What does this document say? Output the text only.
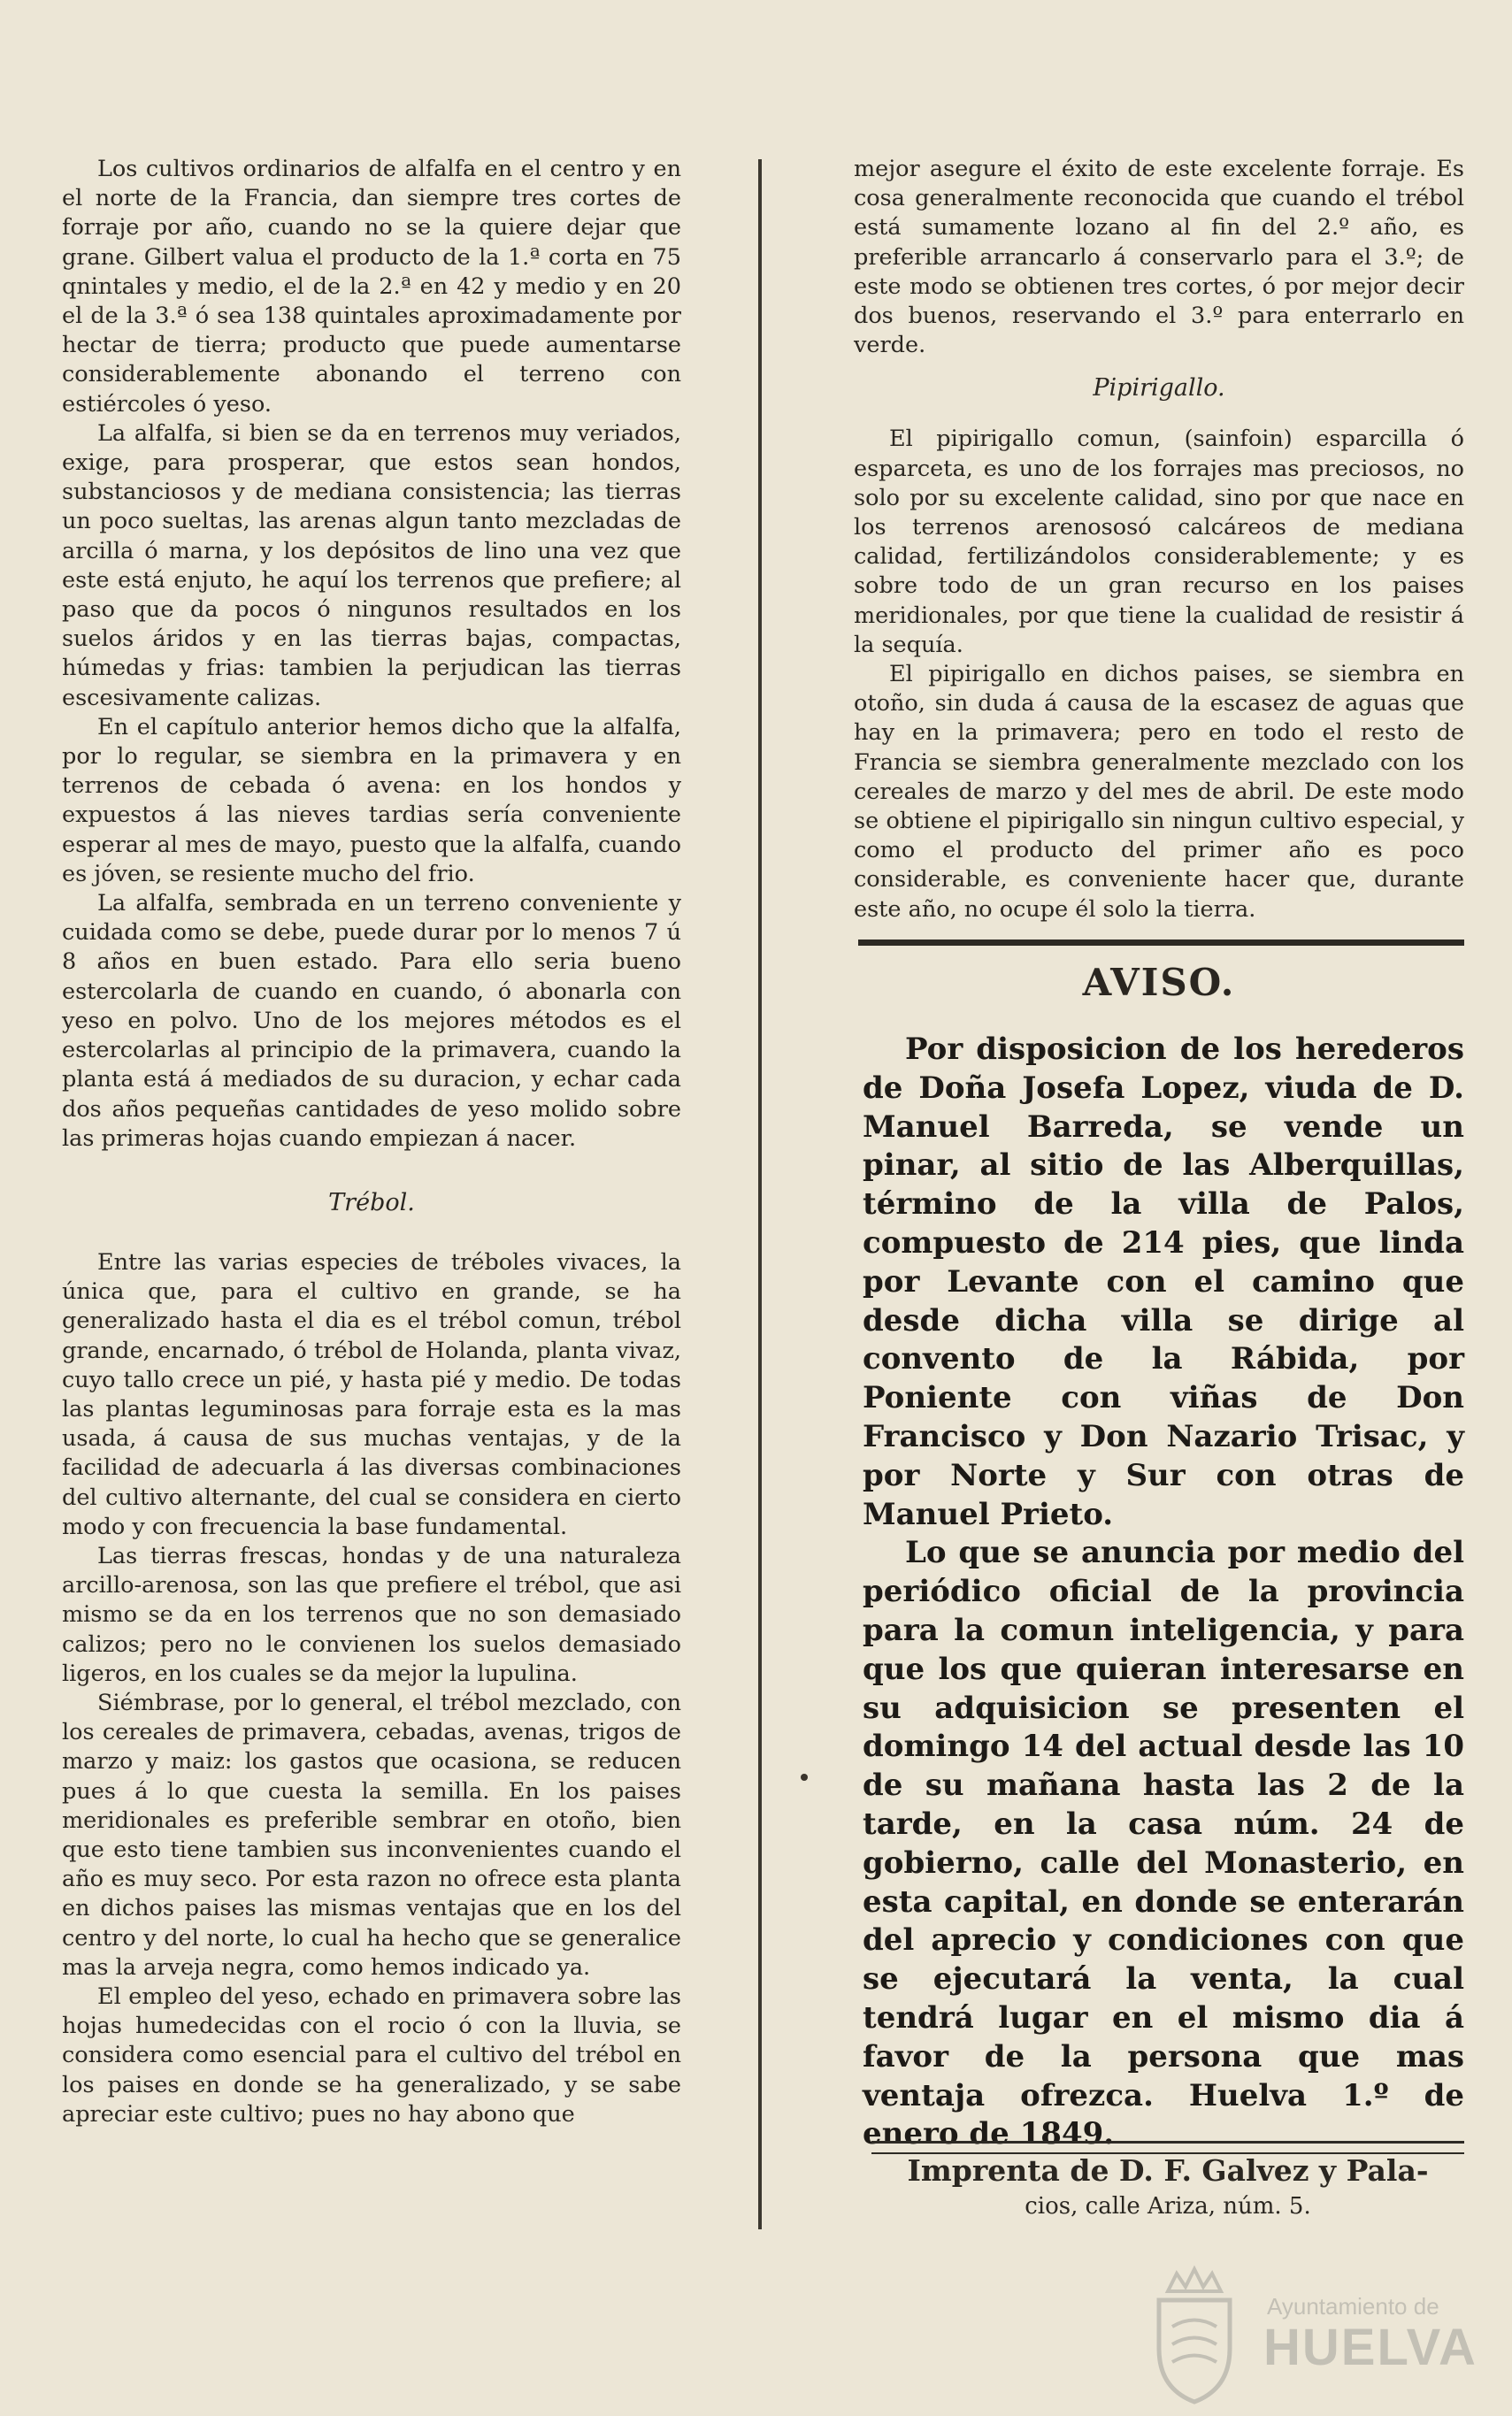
Los cultivos ordinarios de alfalfa en el centro y en el norte de la Francia, dan siempre tres cortes de forraje por año, cuando no se la quiere dejar que grane. Gilbert valua el producto de la 1.ª corta en 75 qnintales y medio, el de la 2.ª en 42 y medio y en 20 el de la 3.ª ó sea 138 quintales aproximadamente por hectar de tierra; producto que puede aumentarse considerablemente abonando el terreno con estiércoles ó yeso.

La alfalfa, si bien se da en terrenos muy veriados, exige, para prosperar, que estos sean hondos, substanciosos y de mediana consistencia; las tierras un poco sueltas, las arenas algun tanto mezcladas de arcilla ó marna, y los depósitos de lino una vez que este está enjuto, he aquí los terrenos que prefiere; al paso que da pocos ó ningunos resultados en los suelos áridos y en las tierras bajas, compactas, húmedas y frias: tambien la perjudican las tierras escesivamente calizas.

En el capítulo anterior hemos dicho que la alfalfa, por lo regular, se siembra en la primavera y en terrenos de cebada ó avena: en los hondos y expuestos á las nieves tardias sería conveniente esperar al mes de mayo, puesto que la alfalfa, cuando es jóven, se resiente mucho del frio.

La alfalfa, sembrada en un terreno conveniente y cuidada como se debe, puede durar por lo menos 7 ú 8 años en buen estado. Para ello seria bueno estercolarla de cuando en cuando, ó abonarla con yeso en polvo. Uno de los mejores métodos es el estercolarlas al principio de la primavera, cuando la planta está á mediados de su duracion, y echar cada dos años pequeñas cantidades de yeso molido sobre las primeras hojas cuando empiezan á nacer.

Trébol.

Entre las varias especies de tréboles vivaces, la única que, para el cultivo en grande, se ha generalizado hasta el dia es el trébol comun, trébol grande, encarnado, ó trébol de Holanda, planta vivaz, cuyo tallo crece un pié, y hasta pié y medio. De todas las plantas leguminosas para forraje esta es la mas usada, á causa de sus muchas ventajas, y de la facilidad de adecuarla á las diversas combinaciones del cultivo alternante, del cual se considera en cierto modo y con frecuencia la base fundamental.

Las tierras frescas, hondas y de una naturaleza arcillo-arenosa, son las que prefiere el trébol, que asi mismo se da en los terrenos que no son demasiado calizos; pero no le convienen los suelos demasiado ligeros, en los cuales se da mejor la lupulina.

Siémbrase, por lo general, el trébol mezclado, con los cereales de primavera, cebadas, avenas, trigos de marzo y maiz: los gastos que ocasiona, se reducen pues á lo que cuesta la semilla. En los paises meridionales es preferible sembrar en otoño, bien que esto tiene tambien sus inconvenientes cuando el año es muy seco. Por esta razon no ofrece esta planta en dichos paises las mismas ventajas que en los del centro y del norte, lo cual ha hecho que se generalice mas la arveja negra, como hemos indicado ya.

El empleo del yeso, echado en primavera sobre las hojas humedecidas con el rocio ó con la lluvia, se considera como esencial para el cultivo del trébol en los paises en donde se ha generalizado, y se sabe apreciar este cultivo; pues no hay abono que

mejor asegure el éxito de este excelente forraje. Es cosa generalmente reconocida que cuando el trébol está sumamente lozano al fin del 2.º año, es preferible arrancarlo á conservarlo para el 3.º; de este modo se obtienen tres cortes, ó por mejor decir dos buenos, reservando el 3.º para enterrarlo en verde.

Pipirigallo.

El pipirigallo comun, (sainfoin) esparcilla ó esparceta, es uno de los forrajes mas preciosos, no solo por su excelente calidad, sino por que nace en los terrenos arenososó calcáreos de mediana calidad, fertilizándolos considerablemente; y es sobre todo de un gran recurso en los paises meridionales, por que tiene la cualidad de resistir á la sequía.

El pipirigallo en dichos paises, se siembra en otoño, sin duda á causa de la escasez de aguas que hay en la primavera; pero en todo el resto de Francia se siembra generalmente mezclado con los cereales de marzo y del mes de abril. De este modo se obtiene el pipirigallo sin ningun cultivo especial, y como el producto del primer año es poco considerable, es conveniente hacer que, durante este año, no ocupe él solo la tierra.

AVISO.

Por disposicion de los herederos de Doña Josefa Lopez, viuda de D. Manuel Barreda, se vende un pinar, al sitio de las Alberquillas, término de la villa de Palos, compuesto de 214 pies, que linda por Levante con el camino que desde dicha villa se dirige al convento de la Rábida, por Poniente con viñas de Don Francisco y Don Nazario Trisac, y por Norte y Sur con otras de Manuel Prieto.

Lo que se anuncia por medio del periódico oficial de la provincia para la comun inteligencia, y para que los que quieran interesarse en su adquisicion se presenten el domingo 14 del actual desde las 10 de su mañana hasta las 2 de la tarde, en la casa núm. 24 de gobierno, calle del Monasterio, en esta capital, en donde se enterarán del aprecio y condiciones con que se ejecutará la venta, la cual tendrá lugar en el mismo dia á favor de la persona que mas ventaja ofrezca. Huelva 1.º de enero de 1849.

Imprenta de D. F. Galvez y Pala-
cios, calle Ariza, núm. 5.
Ayuntamiento de
HUELVA
